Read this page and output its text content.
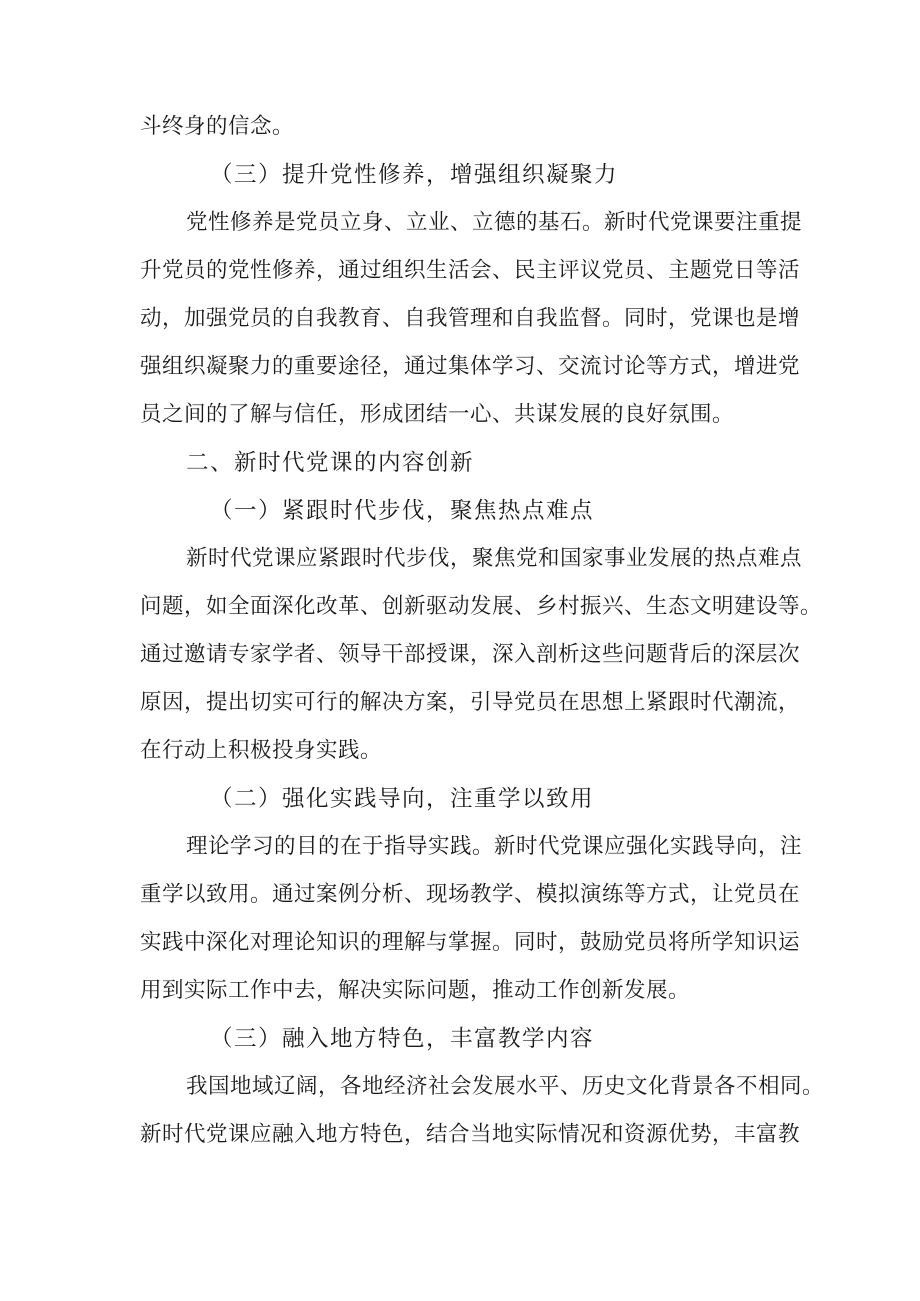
斗终身的信念。
（三）提升党性修养，增强组织凝聚力
党性修养是党员立身、立业、立德的基石。新时代党课要注重提
升党员的党性修养，通过组织生活会、民主评议党员、主题党日等活
动，加强党员的自我教育、自我管理和自我监督。同时，党课也是增
强组织凝聚力的重要途径，通过集体学习、交流讨论等方式，增进党
员之间的了解与信任，形成团结一心、共谋发展的良好氛围。
二、新时代党课的内容创新
（一）紧跟时代步伐，聚焦热点难点
新时代党课应紧跟时代步伐，聚焦党和国家事业发展的热点难点
问题，如全面深化改革、创新驱动发展、乡村振兴、生态文明建设等。
通过邀请专家学者、领导干部授课，深入剖析这些问题背后的深层次
原因，提出切实可行的解决方案，引导党员在思想上紧跟时代潮流，
在行动上积极投身实践。
（二）强化实践导向，注重学以致用
理论学习的目的在于指导实践。新时代党课应强化实践导向，注
重学以致用。通过案例分析、现场教学、模拟演练等方式，让党员在
实践中深化对理论知识的理解与掌握。同时，鼓励党员将所学知识运
用到实际工作中去，解决实际问题，推动工作创新发展。
（三）融入地方特色，丰富教学内容
我国地域辽阔，各地经济社会发展水平、历史文化背景各不相同。
新时代党课应融入地方特色，结合当地实际情况和资源优势，丰富教
